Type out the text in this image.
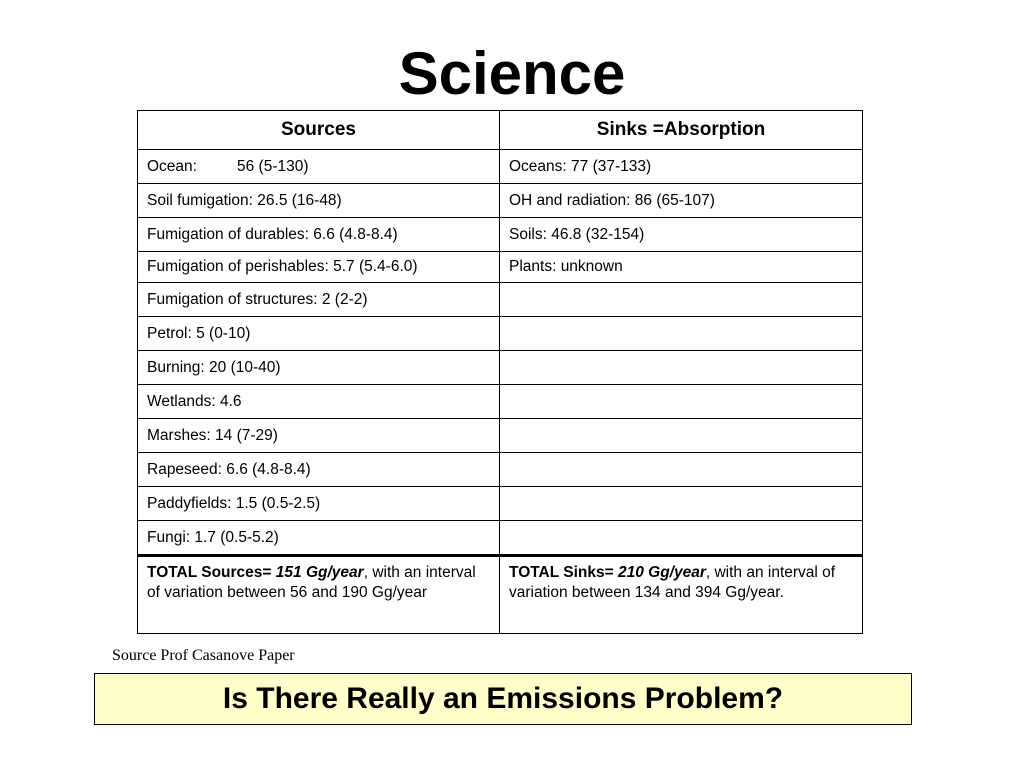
Science
Sources	Sinks =Absorption
Ocean: 56 (5-130)	Oceans: 77 (37-133)
Soil fumigation: 26.5 (16-48)	OH and radiation: 86 (65-107)
Fumigation of durables: 6.6 (4.8-8.4)	Soils: 46.8 (32-154)
Fumigation of perishables: 5.7 (5.4-6.0)	Plants: unknown
Fumigation of structures: 2 (2-2)	
Petrol: 5 (0-10)	
Burning: 20 (10-40)	
Wetlands: 4.6	
Marshes: 14 (7-29)	
Rapeseed: 6.6 (4.8-8.4)	
Paddyfields: 1.5 (0.5-2.5)	
Fungi: 1.7 (0.5-5.2)	
TOTAL Sources= 151 Gg/year, with an interval of variation between 56 and 190 Gg/year	TOTAL Sinks= 210 Gg/year, with an interval of variation between 134 and 394 Gg/year.
Source Prof Casanove Paper
Is There Really an Emissions Problem?
